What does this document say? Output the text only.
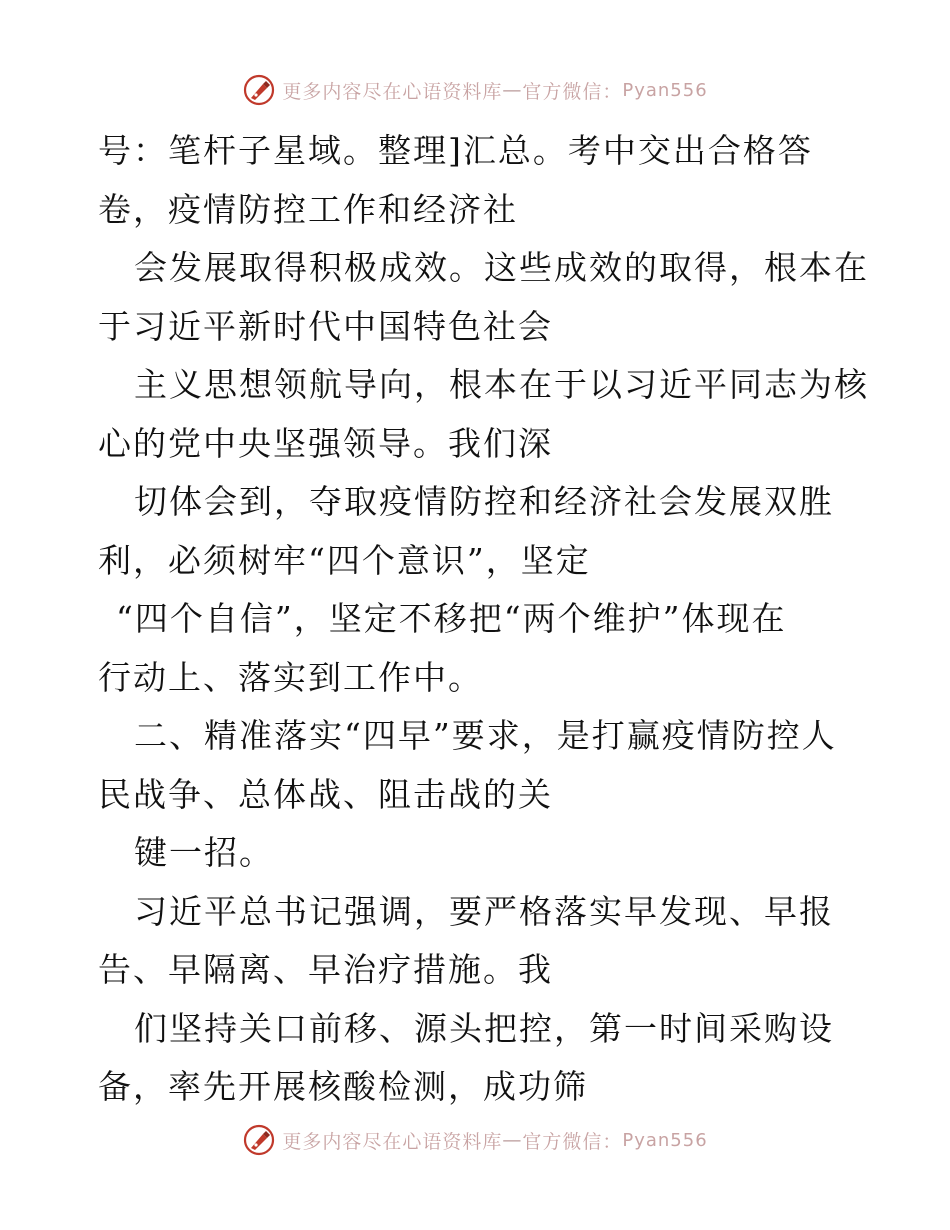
更多内容尽在心语资料库 — 官方微信： Pyan556
号：笔杆子星域。整理]汇总。考中交出合格答
卷，疫情防控工作和经济社
会发展取得积极成效。这些成效的取得，根本在
于习近平新时代中国特色社会
主义思想领航导向，根本在于以习近平同志为核
心的党中央坚强领导。我们深
切体会到，夺取疫情防控和经济社会发展双胜
利，必须树牢“四个意识”，坚定
“四个自信”，坚定不移把“两个维护”体现在
行动上、落实到工作中。
二、精准落实“四早”要求，是打赢疫情防控人
民战争、总体战、阻击战的关
键一招。
习近平总书记强调，要严格落实早发现、早报
告、早隔离、早治疗措施。我
们坚持关口前移、源头把控，第一时间采购设
备，率先开展核酸检测，成功筛
更多内容尽在心语资料库 — 官方微信： Pyan556
